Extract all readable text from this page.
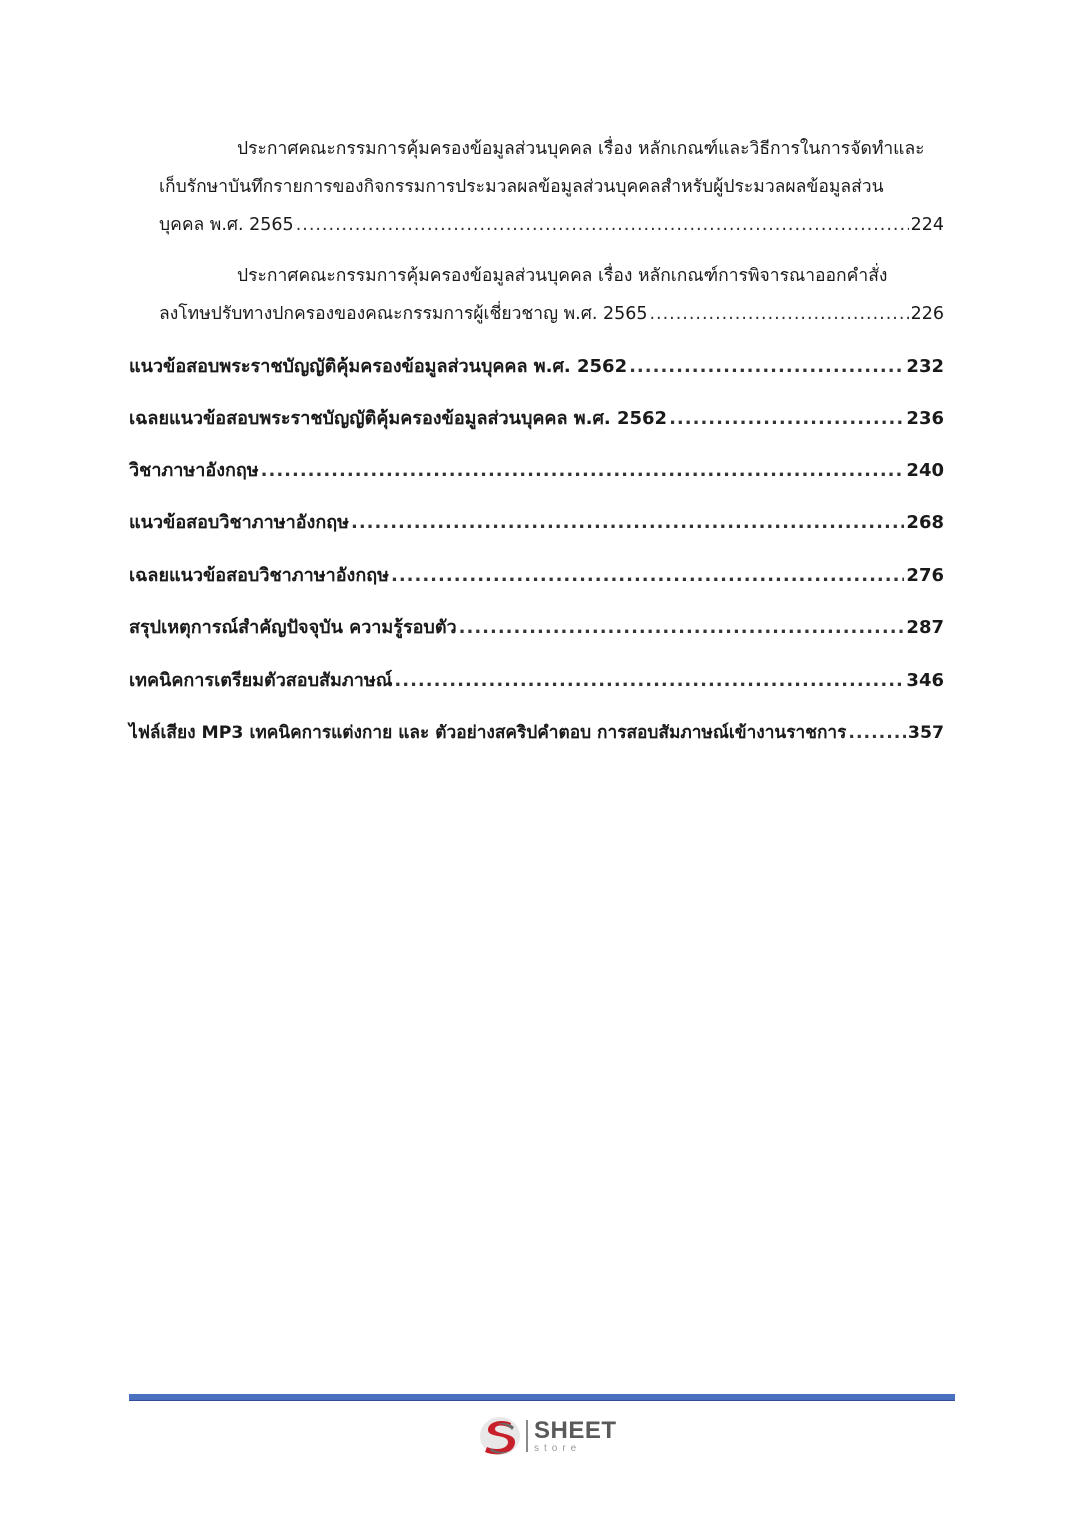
ประกาศคณะกรรมการคุ้มครองข้อมูลส่วนบุคคล เรื่อง หลักเกณฑ์และวิธีการในการจัดทำและ
เก็บรักษาบันทึกรายการของกิจกรรมการประมวลผลข้อมูลส่วนบุคคลสำหรับผู้ประมวลผลข้อมูลส่วน
บุคคล พ.ศ. 2565 .....	224
ประกาศคณะกรรมการคุ้มครองข้อมูลส่วนบุคคล เรื่อง หลักเกณฑ์การพิจารณาออกคำสั่ง
ลงโทษปรับทางปกครองของคณะกรรมการผู้เชี่ยวชาญ พ.ศ. 2565 .....	226
แนวข้อสอบพระราชบัญญัติคุ้มครองข้อมูลส่วนบุคคล พ.ศ. 2562 .....	232
เฉลยแนวข้อสอบพระราชบัญญัติคุ้มครองข้อมูลส่วนบุคคล พ.ศ. 2562 .....	236
วิชาภาษาอังกฤษ .....	240
แนวข้อสอบวิชาภาษาอังกฤษ .....	268
เฉลยแนวข้อสอบวิชาภาษาอังกฤษ .....	276
สรุปเหตุการณ์สำคัญปัจจุบัน ความรู้รอบตัว .....	287
เทคนิคการเตรียมตัวสอบสัมภาษณ์ .....	346
ไฟล์เสียง MP3 เทคนิคการแต่งกาย และ ตัวอย่างสคริปคำตอบ การสอบสัมภาษณ์เข้างานราชการ .....	357
SHEET
store
